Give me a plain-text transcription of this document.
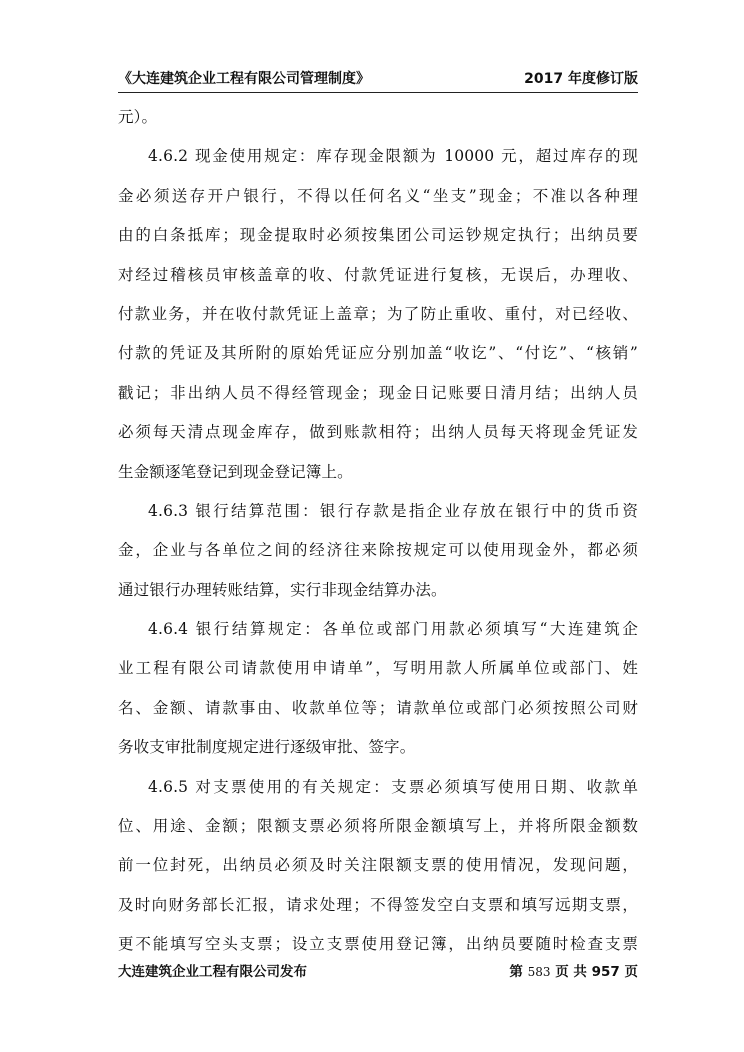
《大连建筑企业工程有限公司管理制度》	2017 年度修订版
元）。
4.6.2 现金使用规定：库存现金限额为 10000 元，超过库存的现
金必须送存开户银行，不得以任何名义“坐支”现金；不准以各种理
由的白条抵库；现金提取时必须按集团公司运钞规定执行；出纳员要
对经过稽核员审核盖章的收、付款凭证进行复核，无误后，办理收、
付款业务，并在收付款凭证上盖章；为了防止重收、重付，对已经收、
付款的凭证及其所附的原始凭证应分别加盖“收讫”、“付讫”、“核销”
戳记；非出纳人员不得经管现金；现金日记账要日清月结；出纳人员
必须每天清点现金库存，做到账款相符；出纳人员每天将现金凭证发
生金额逐笔登记到现金登记簿上。
4.6.3 银行结算范围：银行存款是指企业存放在银行中的货币资
金，企业与各单位之间的经济往来除按规定可以使用现金外，都必须
通过银行办理转账结算，实行非现金结算办法。
4.6.4 银行结算规定：各单位或部门用款必须填写“大连建筑企
业工程有限公司请款使用申请单”，写明用款人所属单位或部门、姓
名、金额、请款事由、收款单位等；请款单位或部门必须按照公司财
务收支审批制度规定进行逐级审批、签字。
4.6.5 对支票使用的有关规定：支票必须填写使用日期、收款单
位、用途、金额；限额支票必须将所限金额填写上，并将所限金额数
前一位封死，出纳员必须及时关注限额支票的使用情况，发现问题，
及时向财务部长汇报，请求处理；不得签发空白支票和填写远期支票，
更不能填写空头支票；设立支票使用登记簿，出纳员要随时检查支票
大连建筑企业工程有限公司发布	第 583 页 共 957 页
